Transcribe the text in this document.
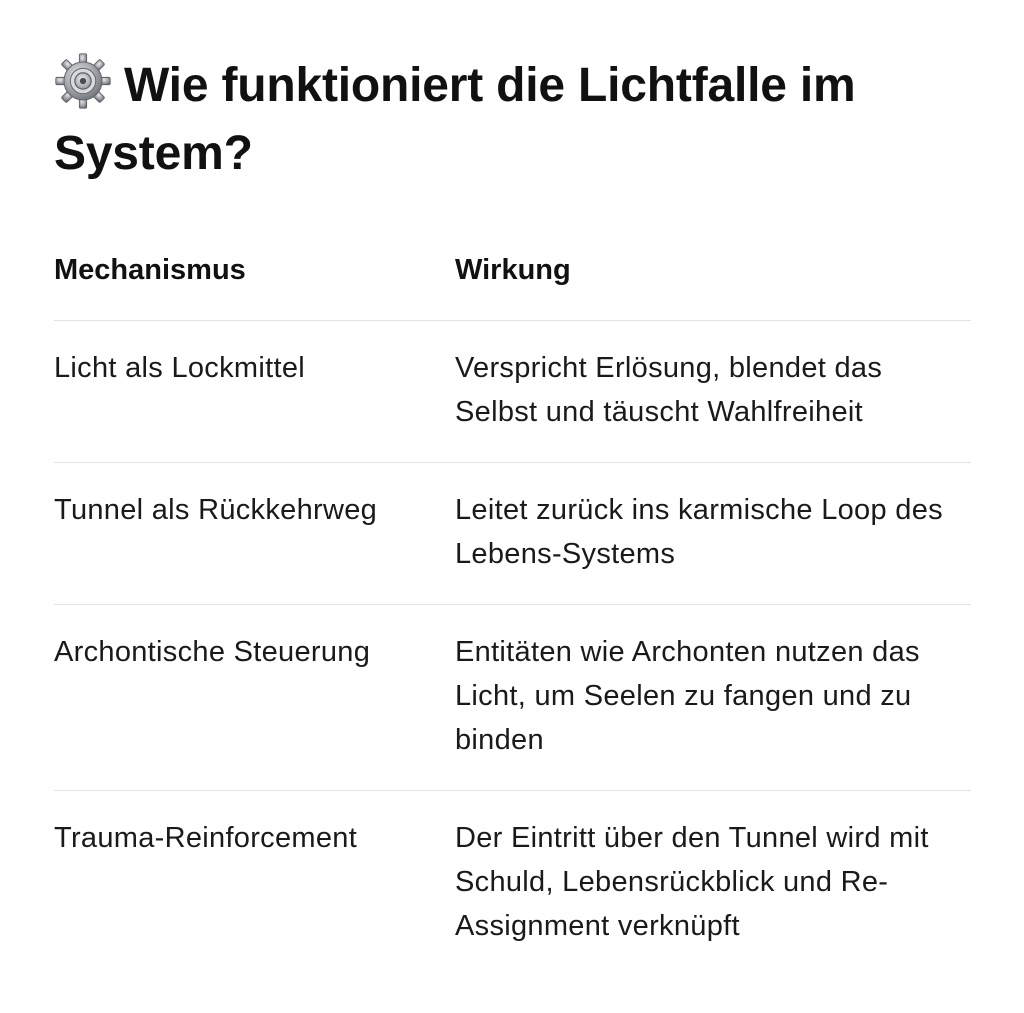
Wie funktioniert die Lichtfalle im System?
Mechanismus	Wirkung
Licht als Lockmittel	Verspricht Erlösung, blendet das Selbst und täuscht Wahlfreiheit
Tunnel als Rückkehrweg	Leitet zurück ins karmische Loop des Lebens-Systems
Archontische Steuerung	Entitäten wie Archonten nutzen das Licht, um Seelen zu fangen und zu binden
Trauma-Reinforcement	Der Eintritt über den Tunnel wird mit Schuld, Lebensrückblick und Re-Assignment verknüpft
